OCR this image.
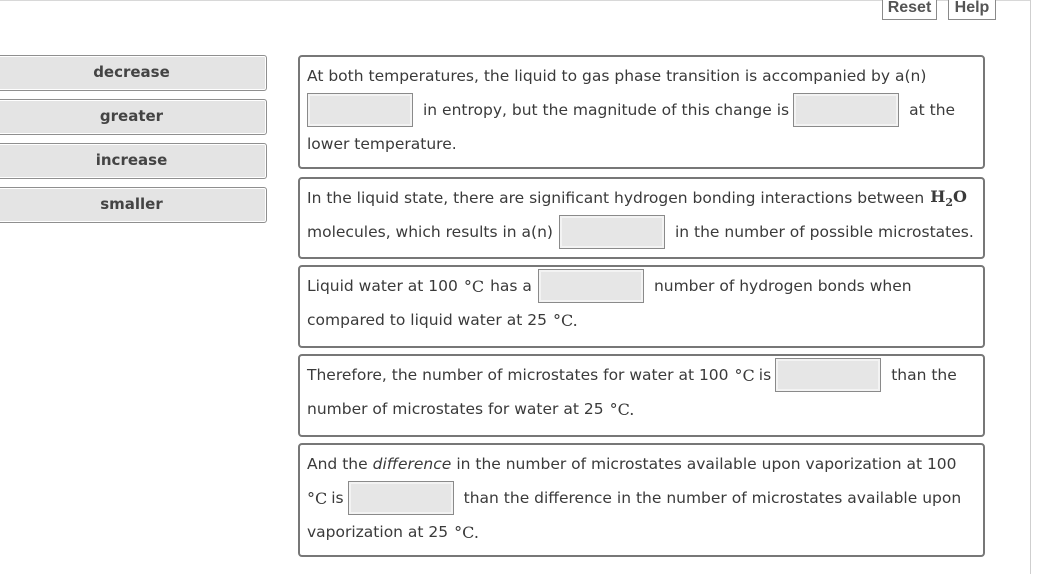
Reset	Help
decrease
greater
increase
smaller
At both temperatures, the liquid to gas phase transition is accompanied by a(n)
in entropy, but the magnitude of this change is	at the
lower temperature.
In the liquid state, there are significant hydrogen bonding interactions between $H_2O$
molecules, which results in a(n)	in the number of possible microstates.
Liquid water at 100 °C has a	number of hydrogen bonds when
compared to liquid water at 25 °C.
Therefore, the number of microstates for water at 100 °C is	than the
number of microstates for water at 25 °C.
And the difference in the number of microstates available upon vaporization at 100
°C is	than the difference in the number of microstates available upon
vaporization at 25 °C.
